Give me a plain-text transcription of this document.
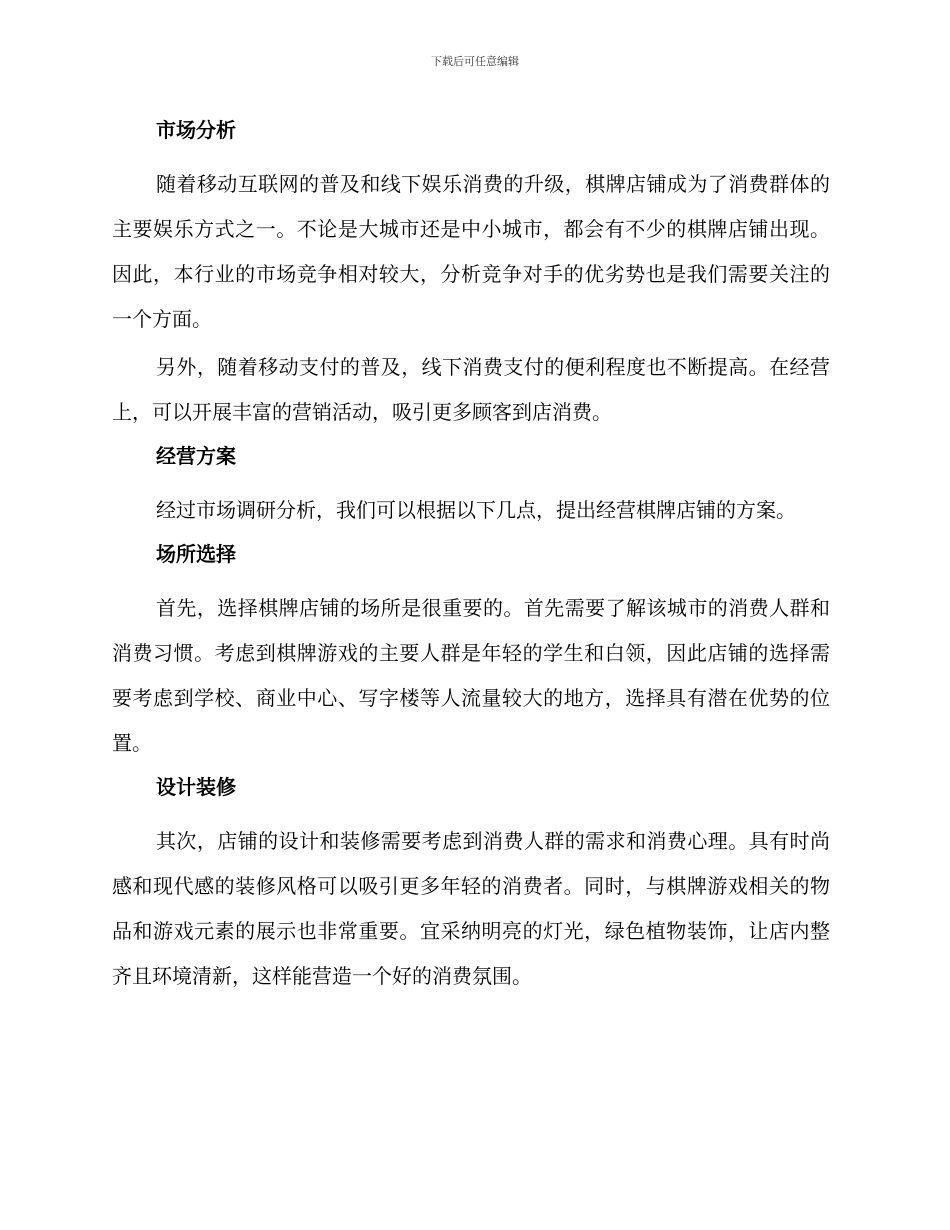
下载后可任意编辑
市场分析

随着移动互联网的普及和线下娱乐消费的升级，棋牌店铺成为了消费群体的主要娱乐方式之一。不论是大城市还是中小城市，都会有不少的棋牌店铺出现。因此，本行业的市场竞争相对较大，分析竞争对手的优劣势也是我们需要关注的一个方面。

另外，随着移动支付的普及，线下消费支付的便利程度也不断提高。在经营上，可以开展丰富的营销活动，吸引更多顾客到店消费。

经营方案

经过市场调研分析，我们可以根据以下几点，提出经营棋牌店铺的方案。

场所选择

首先，选择棋牌店铺的场所是很重要的。首先需要了解该城市的消费人群和消费习惯。考虑到棋牌游戏的主要人群是年轻的学生和白领，因此店铺的选择需要考虑到学校、商业中心、写字楼等人流量较大的地方，选择具有潜在优势的位置。

设计装修

其次，店铺的设计和装修需要考虑到消费人群的需求和消费心理。具有时尚感和现代感的装修风格可以吸引更多年轻的消费者。同时，与棋牌游戏相关的物品和游戏元素的展示也非常重要。宜采纳明亮的灯光，绿色植物装饰，让店内整齐且环境清新，这样能营造一个好的消费氛围。
